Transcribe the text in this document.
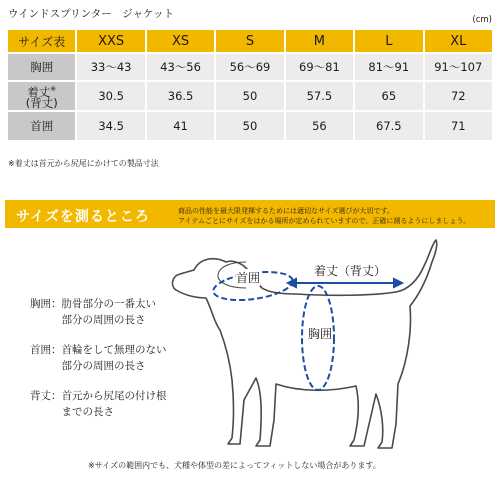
ウインドスプリンター　ジャケット	(cm)
サイズ表	XXS	XS	S	M	L	XL
胸囲	33〜43	43〜56	56〜69	69〜81	81〜91	91〜107
着丈※
(背丈)	30.5	36.5	50	57.5	65	72
首囲	34.5	41	50	56	67.5	71
※着丈は首元から尻尾にかけての製品寸法
サイズを測るところ	商品の性能を最大限発揮するためには適切なサイズ選びが大切です。
アイテムごとにサイズをはかる場所が定められていますので、正確に測るようにしましょう。
首囲	着丈（背丈）
胸囲
胸囲：肋骨部分の一番太い
　　　部分の周囲の長さ
首囲：首輪をして無理のない
　　　部分の周囲の長さ
背丈：首元から尻尾の付け根
　　　までの長さ
※サイズの範囲内でも、犬種や体型の差によってフィットしない場合があります。
